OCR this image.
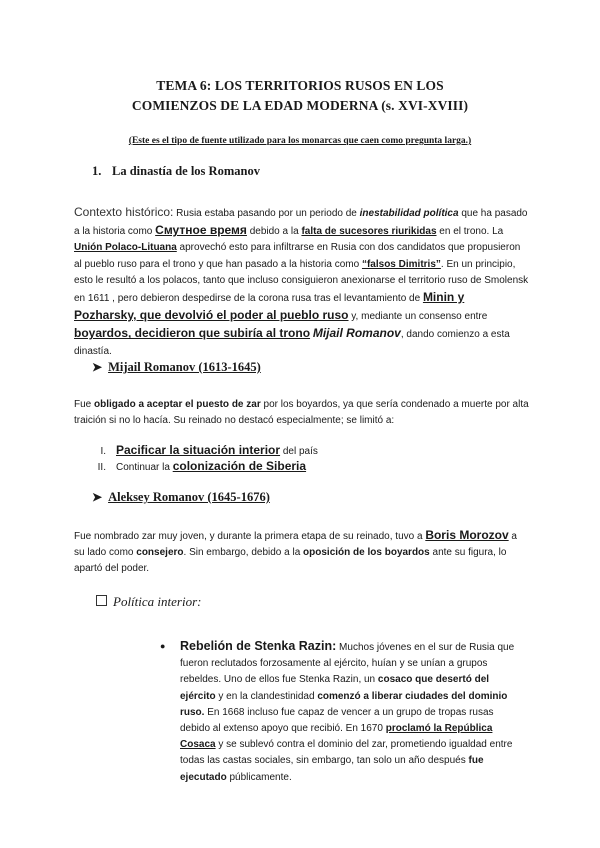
TEMA 6: LOS TERRITORIOS RUSOS EN LOS
COMIENZOS DE LA EDAD MODERNA (s. XVI-XVIII)
(Este es el tipo de fuente utilizado para los monarcas que caen como pregunta larga.)
1. La dinastía de los Romanov

Contexto histórico: Rusia estaba pasando por un periodo de inestabilidad política que ha pasado a la historia como Смутное время debido a la falta de sucesores riurikidas en el trono. La Unión Polaco-Lituana aprovechó esto para infiltrarse en Rusia con dos candidatos que propusieron al pueblo ruso para el trono y que han pasado a la historia como “falsos Dimitris”. En un principio, esto le resultó a los polacos, tanto que incluso consiguieron anexionarse el territorio ruso de Smolensk en 1611 , pero debieron despedirse de la corona rusa tras el levantamiento de Minin y Pozharsky, que devolvió el poder al pueblo ruso y, mediante un consenso entre boyardos, decidieron que subiría al trono Mijail Romanov, dando comienzo a esta dinastía.

➤ Mijail Romanov (1613-1645)

Fue obligado a aceptar el puesto de zar por los boyardos, ya que sería condenado a muerte por alta traición si no lo hacía. Su reinado no destacó especialmente; se limitó a:

I. Pacificar la situación interior del país
II. Continuar la colonización de Siberia
➤ Aleksey Romanov (1645-1676)

Fue nombrado zar muy joven, y durante la primera etapa de su reinado, tuvo a Boris Morozov a su lado como consejero. Sin embargo, debido a la oposición de los boyardos ante su figura, lo apartó del poder.

Política interior:
● Rebelión de Stenka Razin: Muchos jóvenes en el sur de Rusia que fueron reclutados forzosamente al ejército, huían y se unían a grupos rebeldes. Uno de ellos fue Stenka Razin, un cosaco que desertó del ejército y en la clandestinidad comenzó a liberar ciudades del dominio ruso. En 1668 incluso fue capaz de vencer a un grupo de tropas rusas debido al extenso apoyo que recibió. En 1670 proclamó la República Cosaca y se sublevó contra el dominio del zar, prometiendo igualdad entre todas las castas sociales, sin embargo, tan solo un año después fue ejecutado públicamente.
